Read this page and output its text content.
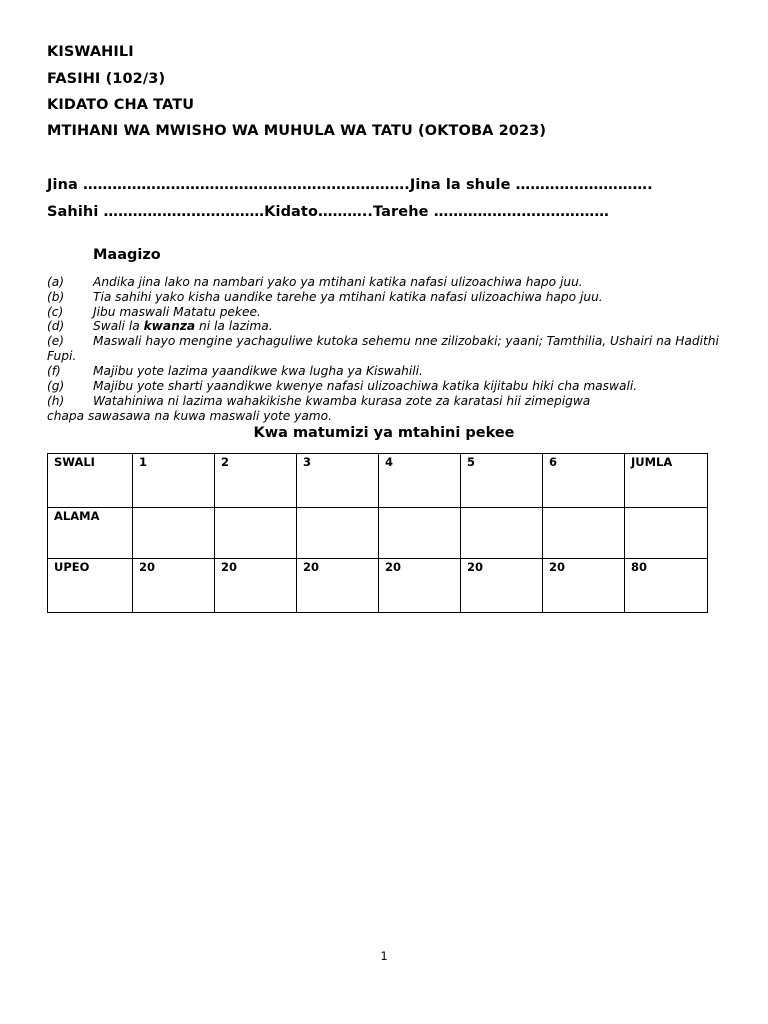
KISWAHILI
FASIHI (102/3)
KIDATO CHA TATU
MTIHANI WA MWISHO WA MUHULA WA TATU (OKTOBA 2023)
Jina ………………………………………………………….Jina la shule ……………………….
Sahihi ……………………………Kidato………..Tarehe ………………………………
Maagizo
(a) Andika jina lako na nambari yako ya mtihani katika nafasi ulizoachiwa hapo juu.
(b) Tia sahihi yako kisha uandike tarehe ya mtihani katika nafasi ulizoachiwa hapo juu.
(c) Jibu maswali Matatu pekee.
(d) Swali la kwanza ni la lazima.
(e) Maswali hayo mengine yachaguliwe kutoka sehemu nne zilizobaki; yaani; Tamthilia, Ushairi na Hadithi Fupi.
(f)	Majibu yote lazima yaandikwe kwa lugha ya Kiswahili.
(g) Majibu yote sharti yaandikwe kwenye nafasi ulizoachiwa katika kijitabu hiki cha maswali.
(h) Watahiniwa ni lazima wahakikishe kwamba kurasa zote za karatasi hii zimepigwa
chapa sawasawa na kuwa maswali yote yamo.
Kwa matumizi ya mtahini pekee
SWALI	1	2	3	4	5	6	JUMLA
ALAMA							
UPEO	20	20	20	20	20	20	80
1
